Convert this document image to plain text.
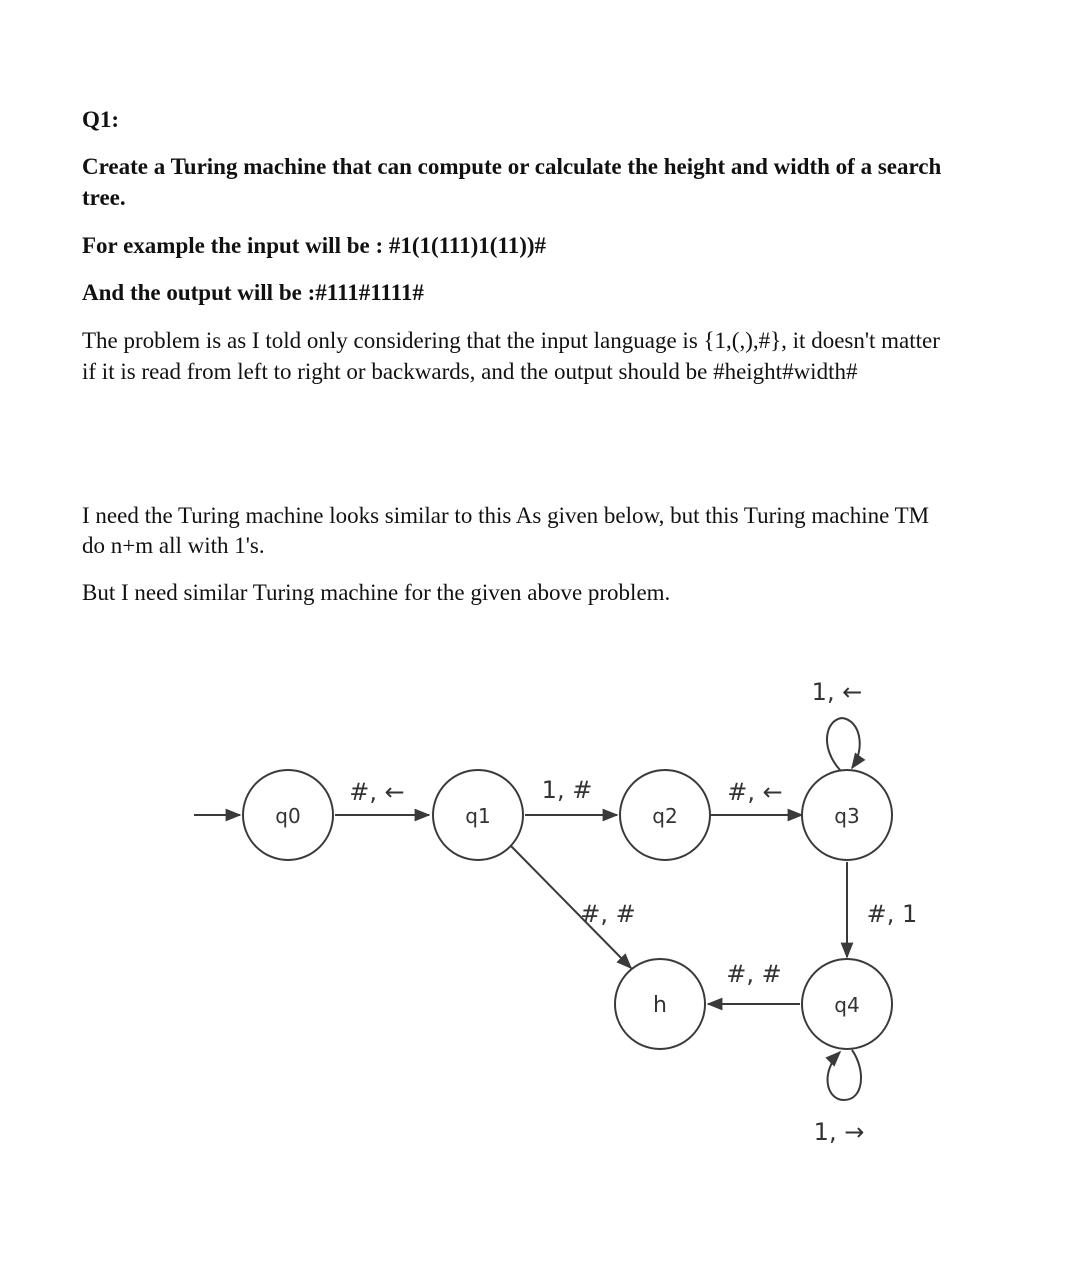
Q1:
Create a Turing machine that can compute or calculate the height and width of a search
tree.
For example the input will be : #1(1(111)1(11))#
And the output will be :#111#1111#
The problem is as I told only considering that the input language is {1,(,),#}, it doesn't matter
if it is read from left to right or backwards, and the output should be #height#width#
I need the Turing machine looks similar to this As given below, but this Turing machine TM
do n+m all with 1's.
But I need similar Turing machine for the given above problem.
q0	q1	q2	q3
h	q4
#, ←	1, #	#, ←
1, ←
#, 1
#, #
#, #
1, →
